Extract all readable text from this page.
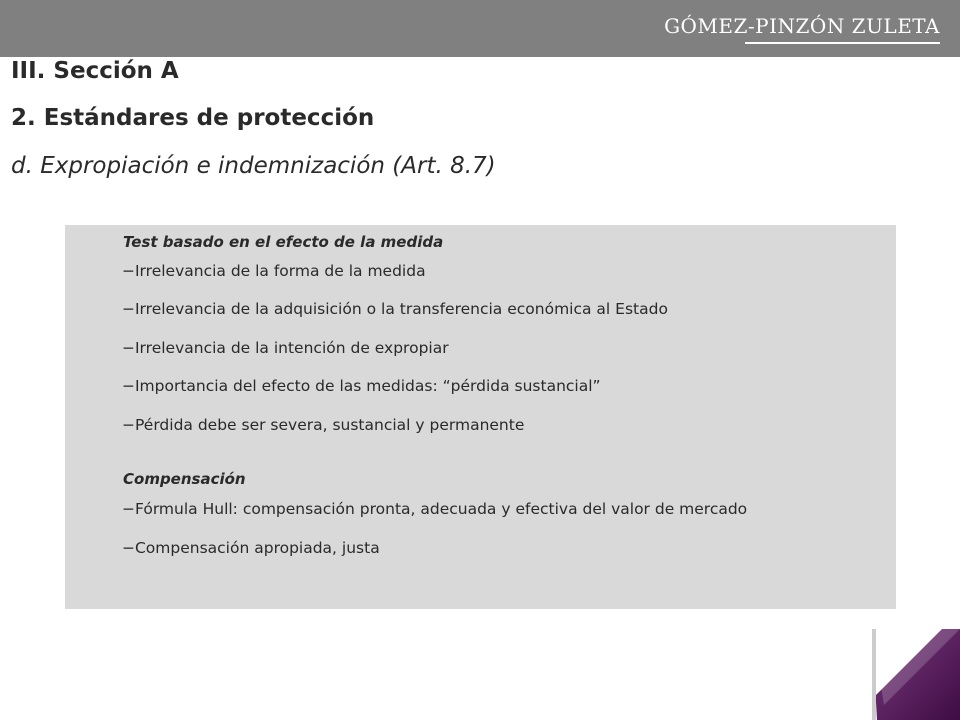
GÓMEZ-PINZÓN ZULETA
III. Sección A
2. Estándares de protección
d. Expropiación e indemnización (Art. 8.7)
Test basado en el efecto de la medida
−Irrelevancia de la forma de la medida
−Irrelevancia de la adquisición o la transferencia económica al Estado
−Irrelevancia de la intención de expropiar
−Importancia del efecto de las medidas: “pérdida sustancial”
−Pérdida debe ser severa, sustancial y permanente
Compensación
−Fórmula Hull: compensación pronta, adecuada y efectiva del valor de mercado
−Compensación apropiada, justa
